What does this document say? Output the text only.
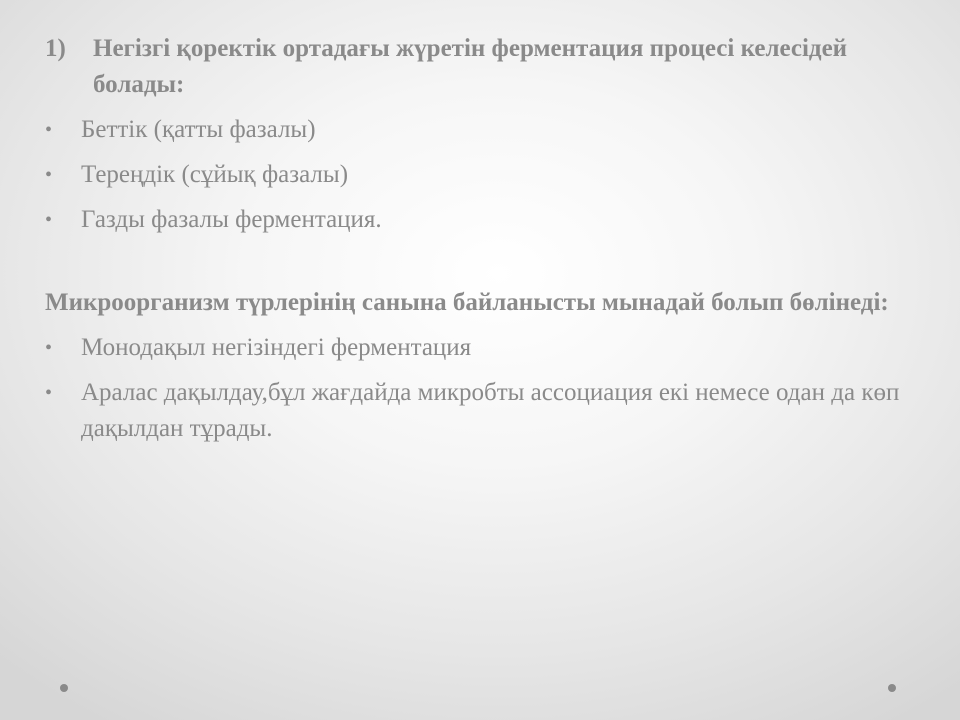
1)	Негізгі қоректік ортадағы жүретін ферментация процесі келесідей болады:
•	Беттік (қатты фазалы)
•	Тереңдік (сұйық фазалы)
•	Газды фазалы ферментация.
Микроорганизм түрлерінің санына байланысты мынадай болып бөлінеді:
•	Монодақыл негізіндегі ферментация
•	Аралас дақылдау,бұл жағдайда микробты ассоциация екі немесе одан да көп дақылдан тұрады.
